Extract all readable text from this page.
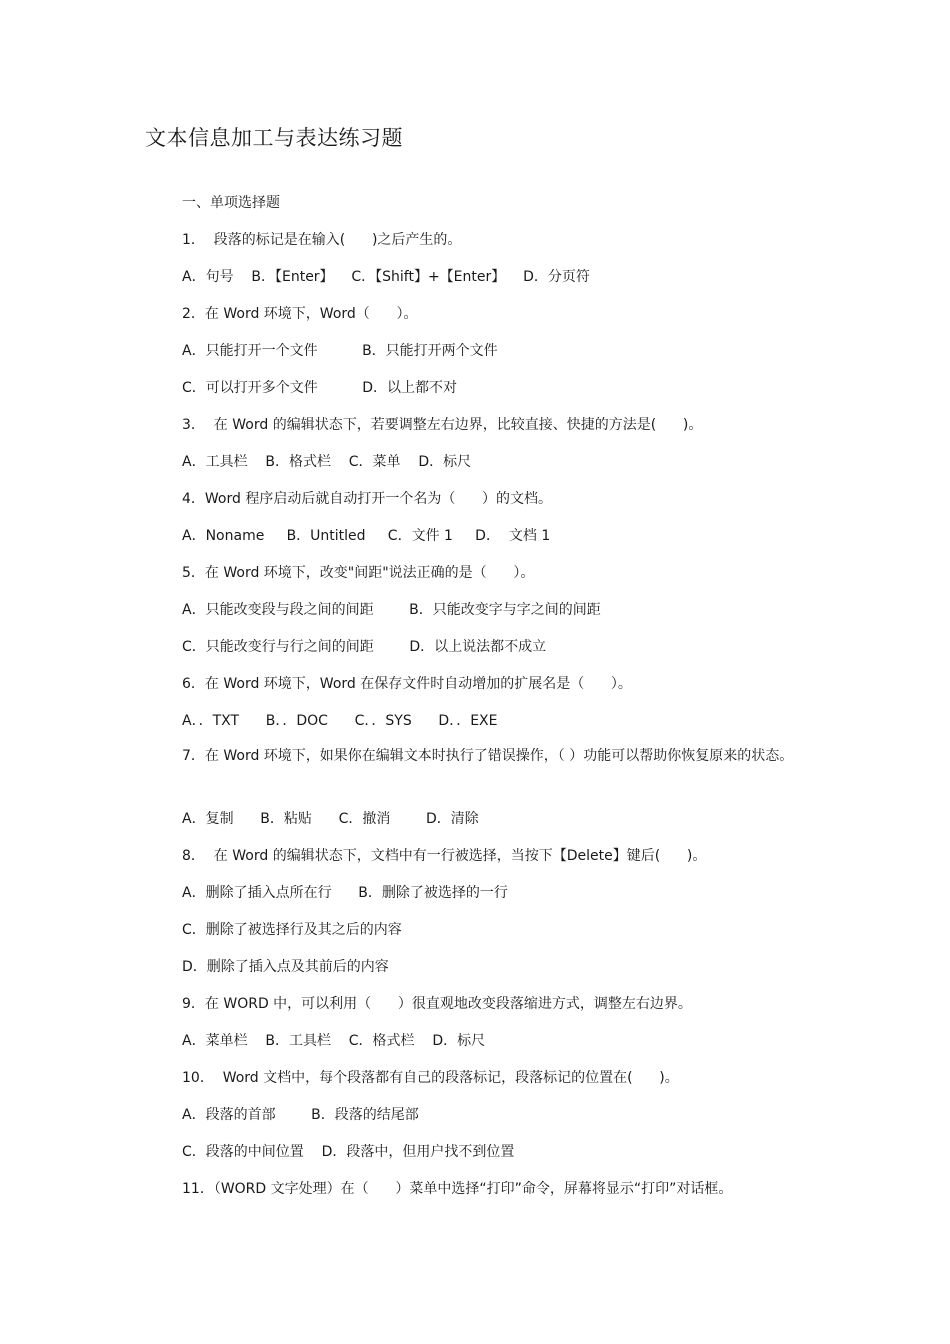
文本信息加工与表达练习题
一、单项选择题
1．  段落的标记是在输入(      )之后产生的。
A．句号    B．【Enter】    C．【Shift】+【Enter】    D．分页符
2．在 Word 环境下，Word（      ）。
A．只能打开一个文件          B．只能打开两个文件
C．可以打开多个文件          D．以上都不对
3．  在 Word 的编辑状态下，若要调整左右边界，比较直接、快捷的方法是(      )。
A．工具栏    B．格式栏    C．菜单    D．标尺
4．Word 程序启动后就自动打开一个名为（      ）的文档。
A．Noname     B．Untitled     C．文件 1     D．  文档 1
5．在 Word 环境下，改变"间距"说法正确的是（      ）。
A．只能改变段与段之间的间距        B．只能改变字与字之间的间距
C．只能改变行与行之间的间距        D．以上说法都不成立
6．在 Word 环境下，Word 在保存文件时自动增加的扩展名是（      ）。
A．．TXT      B．．DOC      C．．SYS      D．．EXE
7．在 Word 环境下，如果你在编辑文本时执行了错误操作，（ ）功能可以帮助你恢复原来的状态。
A．复制      B．粘贴      C．撤消        D．清除
8．  在 Word 的编辑状态下，文档中有一行被选择，当按下【Delete】键后(      )。
A．删除了插入点所在行      B．删除了被选择的一行
C．删除了被选择行及其之后的内容
D．删除了插入点及其前后的内容
9．在 WORD 中，可以利用（      ）很直观地改变段落缩进方式，调整左右边界。
A．菜单栏    B．工具栏    C．格式栏    D．标尺
10．  Word 文档中，每个段落都有自己的段落标记，段落标记的位置在(      )。
A．段落的首部        B．段落的结尾部
C．段落的中间位置    D．段落中，但用户找不到位置
11．（WORD 文字处理）在（      ）菜单中选择“打印”命令，屏幕将显示“打印”对话框。
